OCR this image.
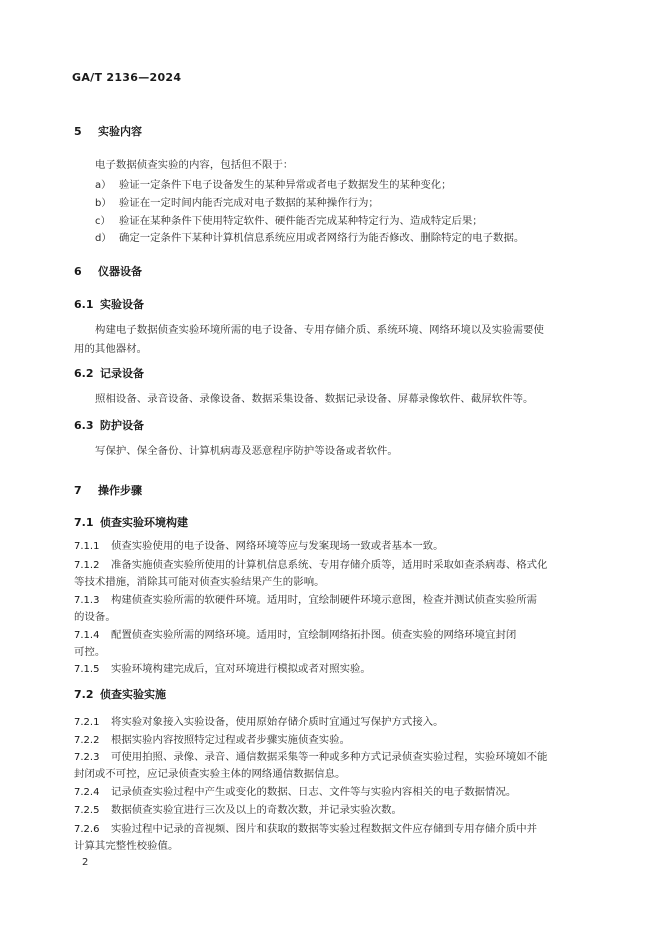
GA/T 2136—2024
5 实验内容
电子数据侦查实验的内容，包括但不限于：
a） 验证一定条件下电子设备发生的某种异常或者电子数据发生的某种变化；
b） 验证在一定时间内能否完成对电子数据的某种操作行为；
c） 验证在某种条件下使用特定软件、硬件能否完成某种特定行为、造成特定后果；
d） 确定一定条件下某种计算机信息系统应用或者网络行为能否修改、删除特定的电子数据。
6 仪器设备
6.1 实验设备
构建电子数据侦查实验环境所需的电子设备、专用存储介质、系统环境、网络环境以及实验需要使
用的其他器材。
6.2 记录设备
照相设备、录音设备、录像设备、数据采集设备、数据记录设备、屏幕录像软件、截屏软件等。
6.3 防护设备
写保护、保全备份、计算机病毒及恶意程序防护等设备或者软件。
7 操作步骤
7.1 侦查实验环境构建
7.1.1 侦查实验使用的电子设备、网络环境等应与发案现场一致或者基本一致。
7.1.2 准备实施侦查实验所使用的计算机信息系统、专用存储介质等，适用时采取如查杀病毒、格式化
等技术措施，消除其可能对侦查实验结果产生的影响。
7.1.3 构建侦查实验所需的软硬件环境。适用时，宜绘制硬件环境示意图，检查并测试侦查实验所需
的设备。
7.1.4 配置侦查实验所需的网络环境。适用时，宜绘制网络拓扑图。侦查实验的网络环境宜封闭
可控。
7.1.5 实验环境构建完成后，宜对环境进行模拟或者对照实验。
7.2 侦查实验实施
7.2.1 将实验对象接入实验设备，使用原始存储介质时宜通过写保护方式接入。
7.2.2 根据实验内容按照特定过程或者步骤实施侦查实验。
7.2.3 可使用拍照、录像、录音、通信数据采集等一种或多种方式记录侦查实验过程，实验环境如不能
封闭或不可控，应记录侦查实验主体的网络通信数据信息。
7.2.4 记录侦查实验过程中产生或变化的数据、日志、文件等与实验内容相关的电子数据情况。
7.2.5 数据侦查实验宜进行三次及以上的奇数次数，并记录实验次数。
7.2.6 实验过程中记录的音视频、图片和获取的数据等实验过程数据文件应存储到专用存储介质中并
计算其完整性校验值。
2
